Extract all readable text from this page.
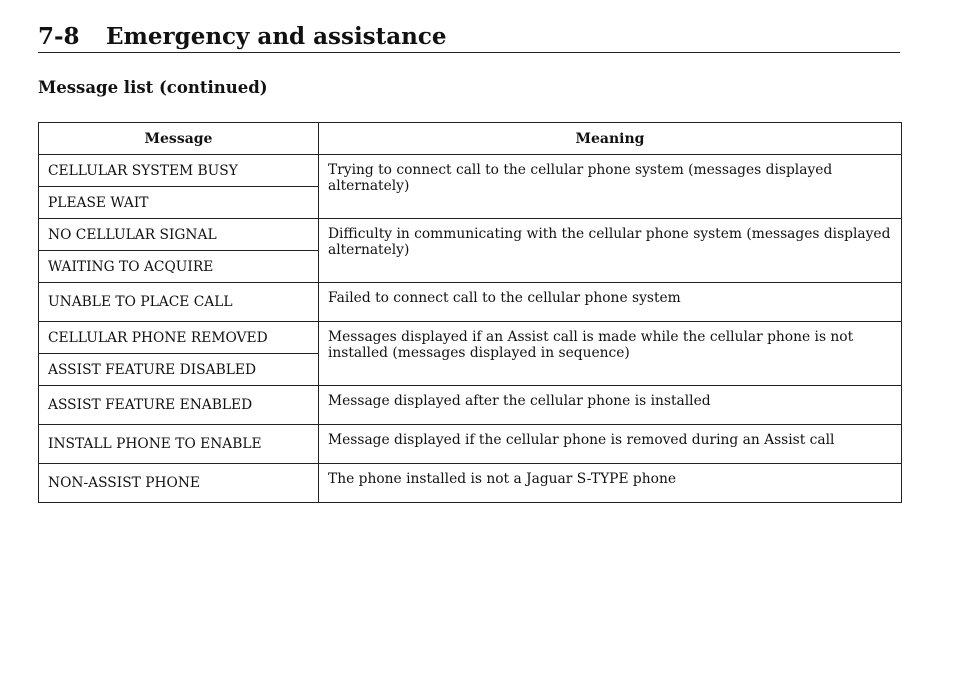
7-8	Emergency and assistance
Message list (continued)
Message	Meaning
CELLULAR SYSTEM BUSY	Trying to connect call to the cellular phone system (messages displayed alternately)
PLEASE WAIT	
NO CELLULAR SIGNAL	Difficulty in communicating with the cellular phone system (messages displayed alternately)
WAITING TO ACQUIRE	
UNABLE TO PLACE CALL	Failed to connect call to the cellular phone system
CELLULAR PHONE REMOVED	Messages displayed if an Assist call is made while the cellular phone is not installed (messages displayed in sequence)
ASSIST FEATURE DISABLED	
ASSIST FEATURE ENABLED	Message displayed after the cellular phone is installed
INSTALL PHONE TO ENABLE	Message displayed if the cellular phone is removed during an Assist call
NON-ASSIST PHONE	The phone installed is not a Jaguar S-TYPE phone
